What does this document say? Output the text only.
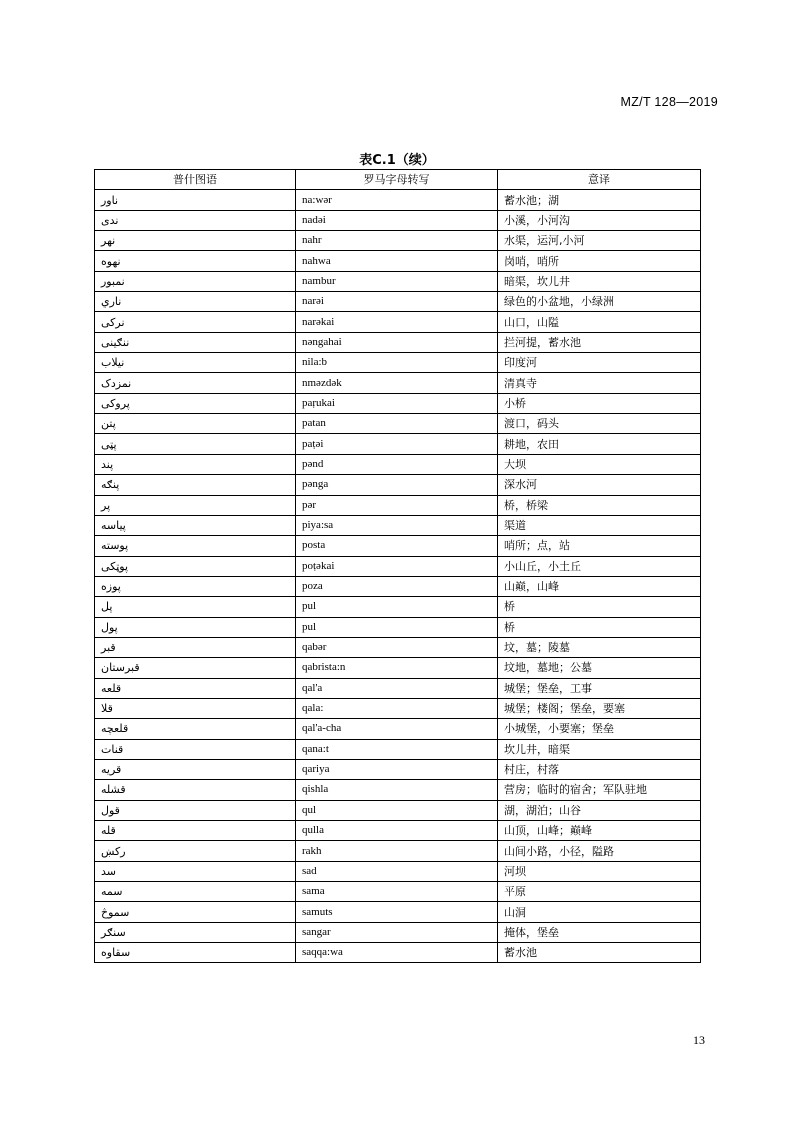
MZ/T 128—2019
表C.1（续）
普什图语	罗马字母转写	意译
ناور	na:wər	蓄水池；湖
ندى	nadəi	小溪，小河沟
نهر	nahr	水渠，运河,小河
نهوه	nahwa	岗哨，哨所
نمبور	nambur	暗渠，坎儿井
ناري	narəi	绿色的小盆地，小绿洲
نركى	narəkai	山口，山隘
ننګينى	nəngahai	拦河提，蓄水池
نيلاب	nila:b	印度河
نمزدک	nməzdək	清真寺
پروکى	paṛukai	小桥
پتن	patan	渡口，码头
پټى	paṭəi	耕地，农田
پند	pənd	大坝
پنګه	pənga	深水河
پر	pər	桥，桥梁
پياسه	piya:sa	渠道
پوسته	posta	哨所；点，站
پوټکى	poṭəkai	小山丘，小土丘
پوزه	poza	山巅，山峰
پل	pul	桥
پول	pul	桥
قبر	qabər	坟，墓；陵墓
قبرستان	qabrista:n	坟地，墓地；公墓
قلعه	qal'a	城堡；堡垒，工事
قلا	qala:	城堡；楼阁；堡垒，要塞
قلعچه	qal'a-cha	小城堡，小要塞；堡垒
قنات	qana:t	坎儿井，暗渠
قريه	qariya	村庄，村落
قشله	qishla	营房；临时的宿舍；军队驻地
قول	qul	湖，湖泊；山谷
قله	qulla	山顶，山峰；巅峰
رکښ	rakh	山间小路，小径，隘路
سد	sad	河坝
سمه	sama	平原
سموڅ	samuts	山洞
سنګر	sangar	掩体，堡垒
سقاوه	saqqa:wa	蓄水池
13
